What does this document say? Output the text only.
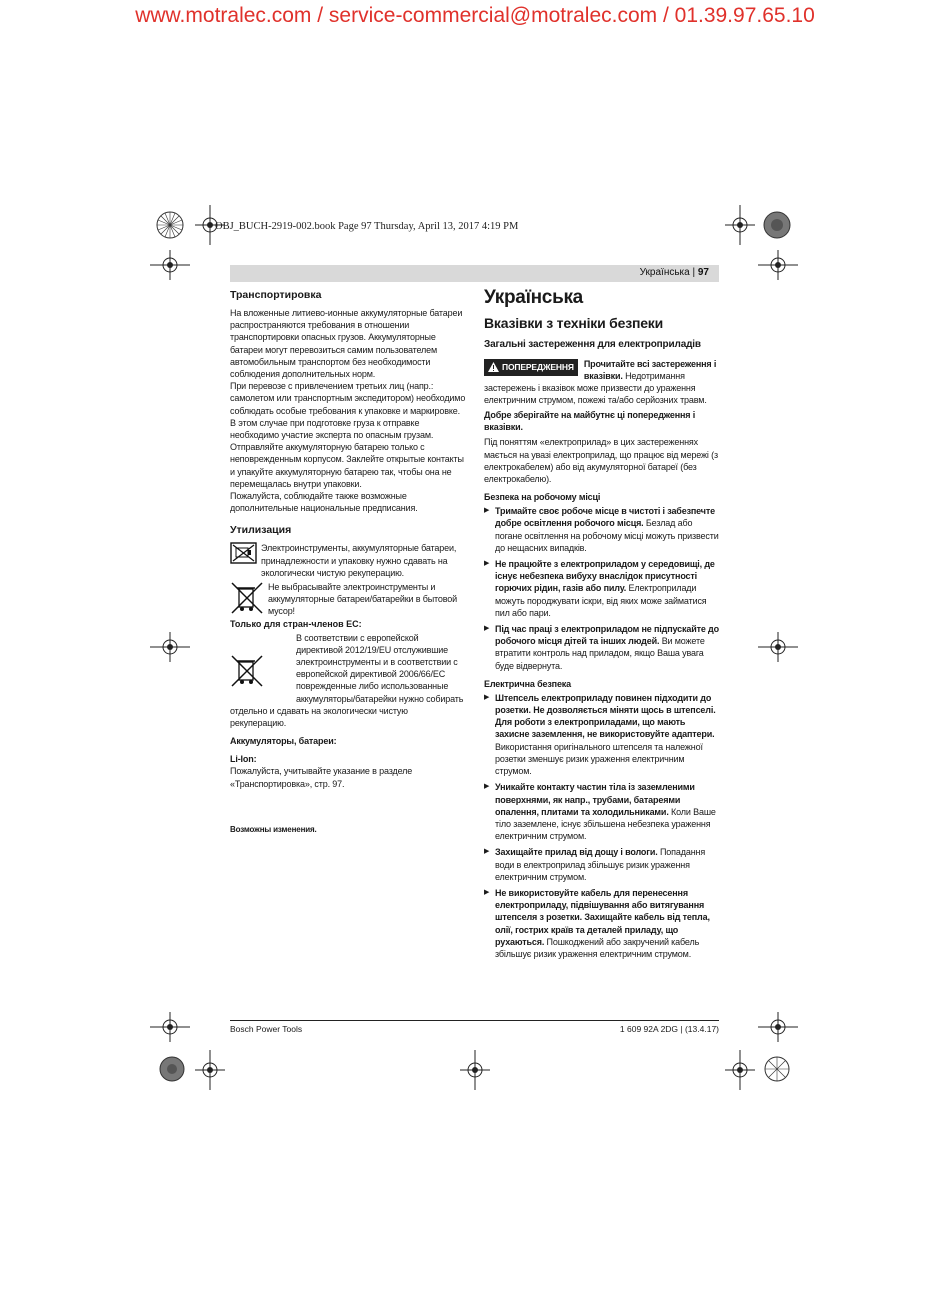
www.motralec.com / service-commercial@motralec.com / 01.39.97.65.10
OBJ_BUCH-2919-002.book Page 97 Thursday, April 13, 2017 4:19 PM
Українська | 97
Транспортировка

На вложенные литиево-ионные аккумуляторные батареи распространяются требования в отношении транспортировки опасных грузов. Аккумуляторные батареи могут перевозиться самим пользователем автомобильным транспортом без необходимости соблюдения дополнительных норм.

При перевозе с привлечением третьих лиц (напр.: самолетом или транспортным экспедитором) необходимо соблюдать особые требования к упаковке и маркировке. В этом случае при подготовке груза к отправке необходимо участие эксперта по опасным грузам.

Отправляйте аккумуляторную батарею только с неповрежденным корпусом. Заклейте открытые контакты и упакуйте аккумуляторную батарею так, чтобы она не перемещалась внутри упаковки.

Пожалуйста, соблюдайте также возможные дополнительные национальные предписания.

Утилизация

Электроинструменты, аккумуляторные батареи, принадлежности и упаковку нужно сдавать на экологически чистую рекуперацию.

Не выбрасывайте электроинструменты и аккумуляторные батареи/батарейки в бытовой мусор!

Только для стран-членов ЕС:

В соответствии с европейской директивой 2012/19/EU отслужившие электроинструменты и в соответствии с европейской директивой 2006/66/EC поврежденные либо использованные аккумуляторы/батарейки нужно собирать

отдельно и сдавать на экологически чистую рекуперацию.

Аккумуляторы, батареи:

Li-Ion:

Пожалуйста, учитывайте указание в разделе «Транспортировка», стр. 97.

Возможны изменения.

Українська

Вказівки з техніки безпеки

Загальні застереження для електроприладів

ПОПЕРЕДЖЕННЯ Прочитайте всі застереження і вказівки. Недотримання застережень і вказівок може призвести до ураження електричним струмом, пожежі та/або серйозних травм.

Добре зберігайте на майбутнє ці попередження і вказівки.

Під поняттям «електроприлад» в цих застереженнях мається на увазі електроприлад, що працює від мережі (з електрокабелем) або від акумуляторної батареї (без електрокабелю).

Безпека на робочому місці

▶ Тримайте своє робоче місце в чистоті і забезпечте добре освітлення робочого місця. Безлад або погане освітлення на робочому місці можуть призвести до нещасних випадків.

▶ Не працюйте з електроприладом у середовищі, де існує небезпека вибуху внаслідок присутності горючих рідин, газів або пилу. Електроприлади можуть породжувати іскри, від яких може займатися пил або пари.

▶ Під час праці з електроприладом не підпускайте до робочого місця дітей та інших людей. Ви можете втратити контроль над приладом, якщо Ваша увага буде відвернута.

Електрична безпека

▶ Штепсель електроприладу повинен підходити до розетки. Не дозволяється міняти щось в штепселі. Для роботи з електроприладами, що мають захисне заземлення, не використовуйте адаптери. Використання оригінального штепселя та належної розетки зменшує ризик ураження електричним струмом.

▶ Уникайте контакту частин тіла із заземленими поверхнями, як напр., трубами, батареями опалення, плитами та холодильниками. Коли Ваше тіло заземлене, існує збільшена небезпека ураження електричним струмом.

▶ Захищайте прилад від дощу і вологи. Попадання води в електроприлад збільшує ризик ураження електричним струмом.

▶ Не використовуйте кабель для перенесення електроприладу, підвішування або витягування штепселя з розетки. Захищайте кабель від тепла, олії, гострих країв та деталей приладу, що рухаються. Пошкоджений або закручений кабель збільшує ризик ураження електричним струмом.

Bosch Power Tools	1 609 92A 2DG | (13.4.17)
